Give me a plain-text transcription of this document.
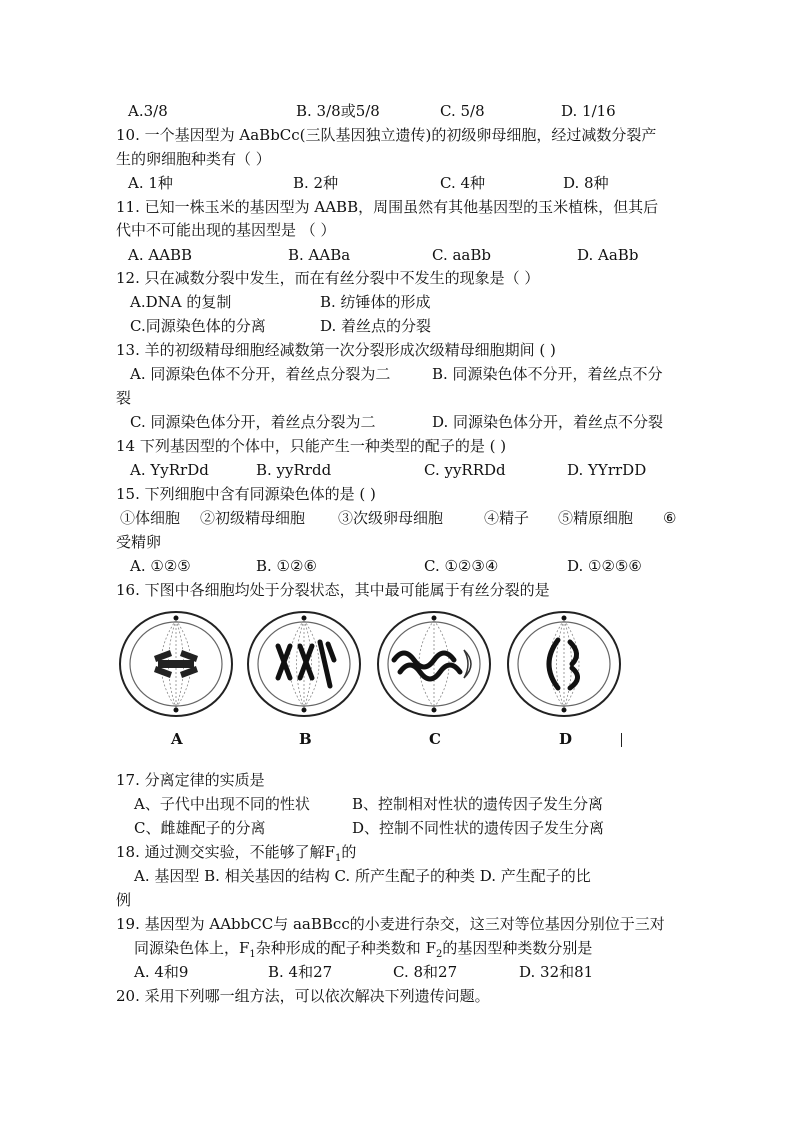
A.3/8	B. 3/8或5/8	C. 5/8	D. 1/16
10. 一个基因型为 AaBbCc(三队基因独立遗传)的初级卵母细胞，经过减数分裂产
生的卵细胞种类有（ ）
A. 1种	B. 2种	C. 4种	D. 8种
11. 已知一株玉米的基因型为 AABB，周围虽然有其他基因型的玉米植株，但其后
代中不可能出现的基因型是 （ ）
A. AABB	B. AABa	C. aaBb	D. AaBb
12. 只在减数分裂中发生，而在有丝分裂中不发生的现象是（ ）
A.DNA 的复制	B. 纺锤体的形成
C.同源染色体的分离	D. 着丝点的分裂
13. 羊的初级精母细胞经减数第一次分裂形成次级精母细胞期间 ( )
A. 同源染色体不分开，着丝点分裂为二	B. 同源染色体不分开，着丝点不分
裂
C. 同源染色体分开，着丝点分裂为二	D. 同源染色体分开，着丝点不分裂
14 下列基因型的个体中，只能产生一种类型的配子的是 ( )
A. YyRrDd	B. yyRrdd	C. yyRRDd	D. YYrrDD
15. 下列细胞中含有同源染色体的是 ( )
①体细胞 ②初级精母细胞 ③次级卵母细胞	④精子 ⑤精原细胞 ⑥
受精卵
A. ①②⑤	B. ①②⑥	C. ①②③④	D. ①②⑤⑥
16. 下图中各细胞均处于分裂状态，其中最可能属于有丝分裂的是
A	B	C	D
17. 分离定律的实质是
A、子代中出现不同的性状	B、控制相对性状的遗传因子发生分离
C、雌雄配子的分离	D、控制不同性状的遗传因子发生分离
18. 通过测交实验，不能够了解$F_1$的
A. 基因型 B. 相关基因的结构 C. 所产生配子的种类 D. 产生配子的比
例
19. 基因型为 AAbbCC与 aaBBcc的小麦进行杂交，这三对等位基因分别位于三对
同源染色体上，$F_1$杂种形成的配子种类数和 $F_2$的基因型种类数分别是
A. 4和9	B. 4和27	C. 8和27	D. 32和81
20. 采用下列哪一组方法，可以依次解决下列遗传问题。
